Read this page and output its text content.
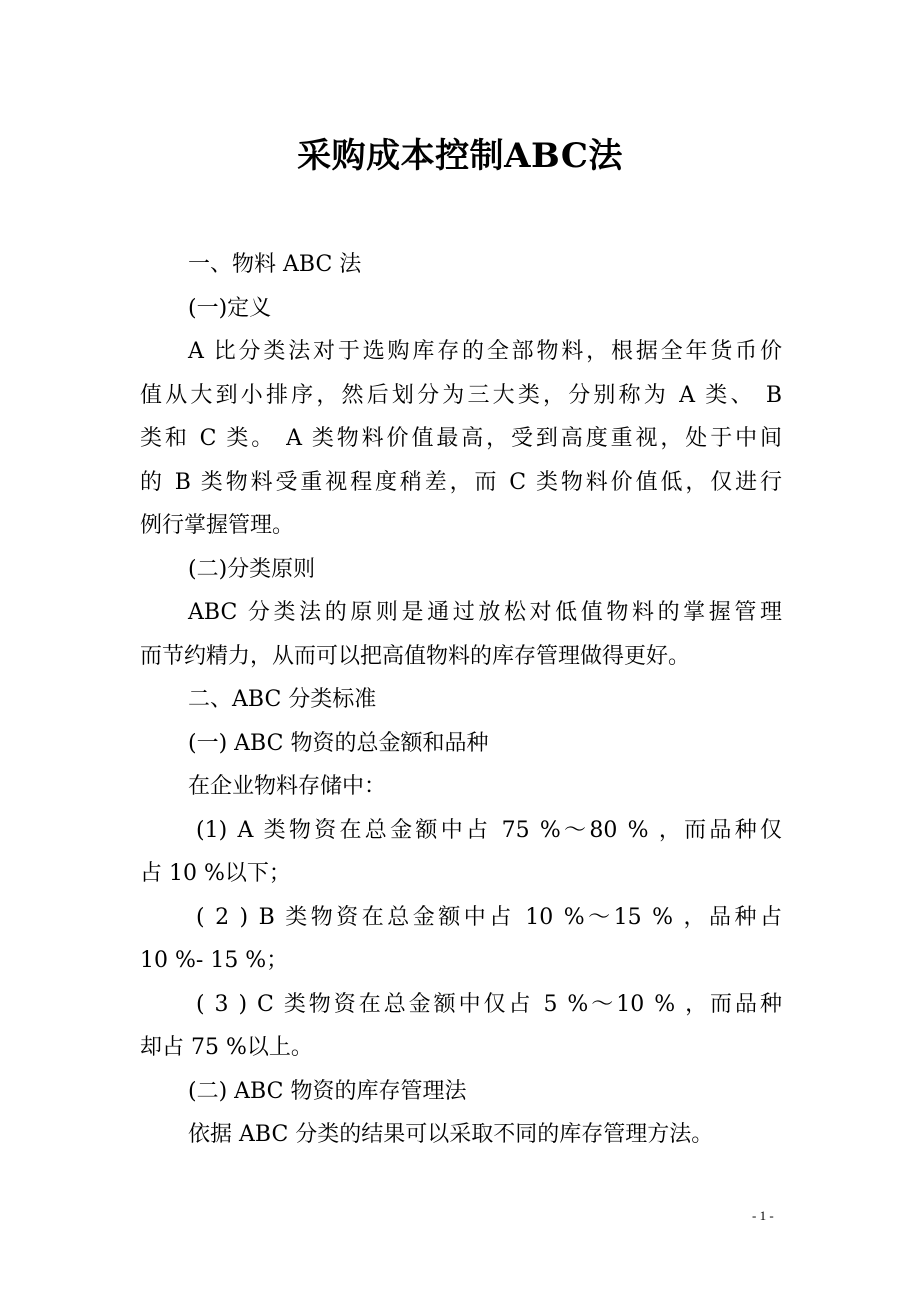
采购成本控制ABC法
一、物料 ABC 法
(一)定义
A 比分类法对于选购库存的全部物料，根据全年货币价
值从大到小排序，然后划分为三大类，分别称为 A 类、 B
类和 C 类。 A 类物料价值最高，受到高度重视，处于中间
的 B 类物料受重视程度稍差，而 C 类物料价值低，仅进行
例行掌握管理。
(二)分类原则
ABC 分类法的原则是通过放松对低值物料的掌握管理
而节约精力，从而可以把高值物料的库存管理做得更好。
二、ABC 分类标准
(一) ABC 物资的总金额和品种
在企业物料存储中：
(1) A 类物资在总金额中占 75 %～80 % ，而品种仅
占 10 %以下；
( 2 ) B 类物资在总金额中占 10 %～15 % ，品种占
10 %- 15 %；
( 3 ) C 类物资在总金额中仅占 5 %～10 % ，而品种
却占 75 %以上。
(二) ABC 物资的库存管理法
依据 ABC 分类的结果可以采取不同的库存管理方法。
- 1 -
